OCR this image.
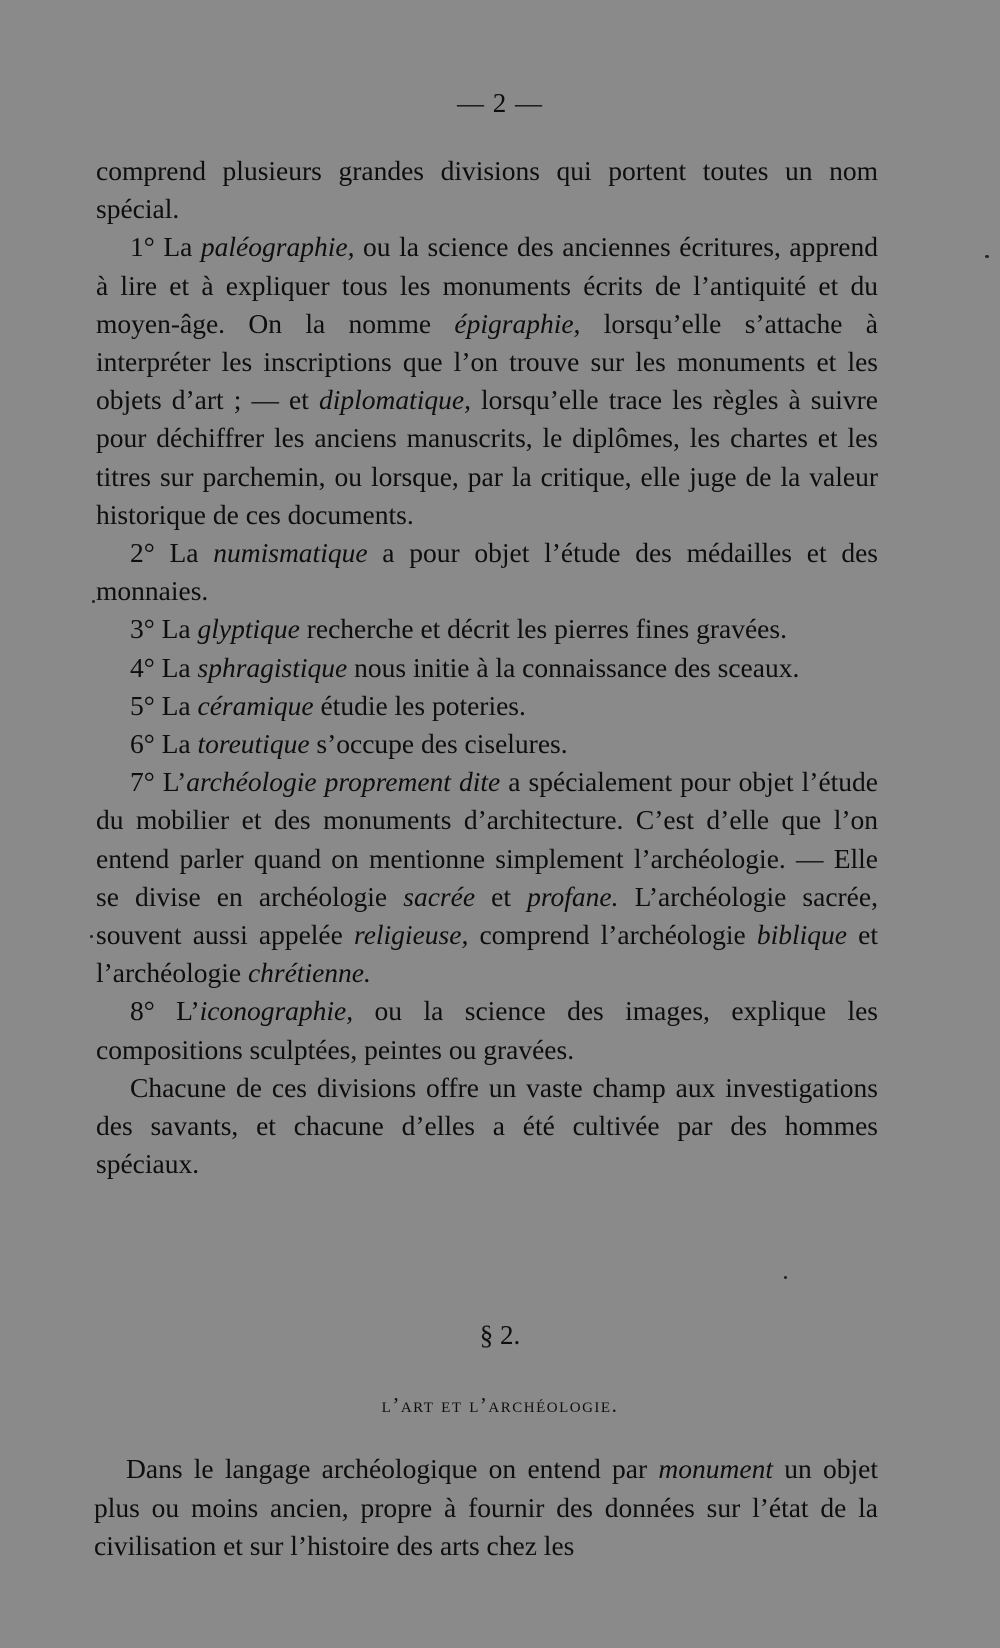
— 2 —

comprend plusieurs grandes divisions qui portent toutes un nom spécial.

1° La paléographie, ou la science des anciennes écritures, apprend à lire et à expliquer tous les monuments écrits de l’antiquité et du moyen-âge. On la nomme épigraphie, lorsqu’elle s’attache à interpréter les inscriptions que l’on trouve sur les monuments et les objets d’art ; — et diplomatique, lorsqu’elle trace les règles à suivre pour déchiffrer les anciens manuscrits, le diplômes, les chartes et les titres sur parchemin, ou lorsque, par la critique, elle juge de la valeur historique de ces documents.

2° La numismatique a pour objet l’étude des médailles et des monnaies.

3° La glyptique recherche et décrit les pierres fines gravées.

4° La sphragistique nous initie à la connaissance des sceaux.

5° La céramique étudie les poteries.

6° La toreutique s’occupe des ciselures.

7° L’archéologie proprement dite a spécialement pour objet l’étude du mobilier et des monuments d’architecture. C’est d’elle que l’on entend parler quand on mentionne simplement l’archéologie. — Elle se divise en archéologie sacrée et profane. L’archéologie sacrée, souvent aussi appelée religieuse, comprend l’archéologie biblique et l’archéologie chrétienne.

8° L’iconographie, ou la science des images, explique les compositions sculptées, peintes ou gravées.

Chacune de ces divisions offre un vaste champ aux investigations des savants, et chacune d’elles a été cultivée par des hommes spéciaux.

§ 2.
l’art et l’archéologie.

Dans le langage archéologique on entend par monument un objet plus ou moins ancien, propre à fournir des données sur l’état de la civilisation et sur l’histoire des arts chez les
